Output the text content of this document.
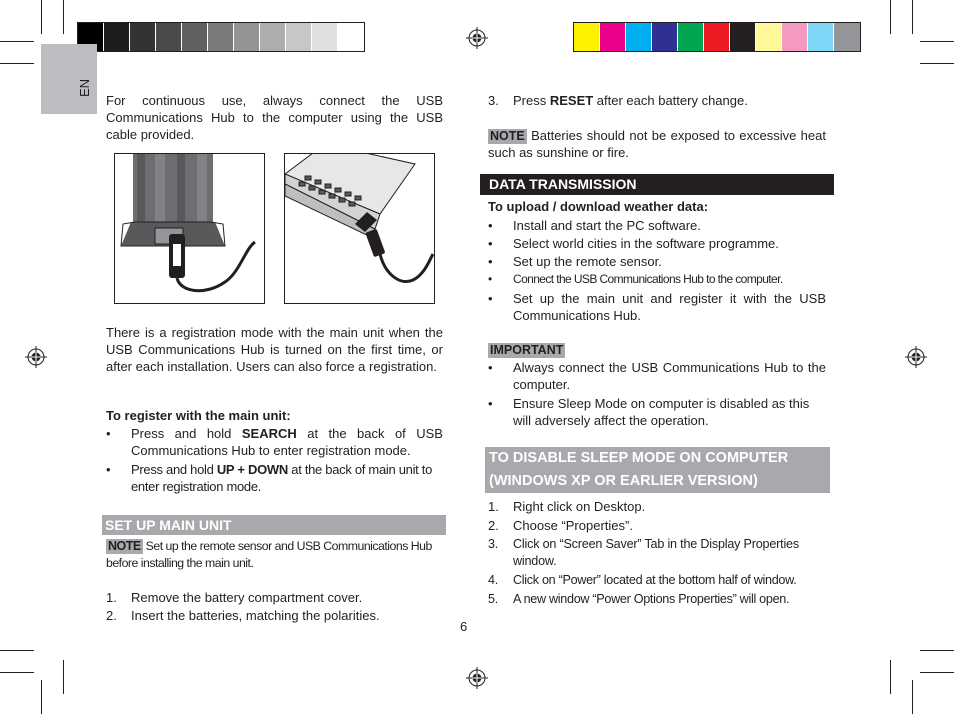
EN
For continuous use, always connect the USB Communications Hub to the computer using the USB cable provided.
There is a registration mode with the main unit when the USB Communications Hub is turned on the first time, or after each installation. Users can also force a registration.
To register with the main unit:

• Press and hold SEARCH at the back of USB Communications Hub to enter registration mode.

• Press and hold UP + DOWN at the back of main unit to enter registration mode.

SET UP MAIN UNIT
NOTE Set up the remote sensor and USB Communications Hub before installing the main unit.

1. Remove the battery compartment cover.

2. Insert the batteries, matching the polarities.

3. Press RESET after each battery change.

NOTE Batteries should not be exposed to excessive heat such as sunshine or fire.
DATA TRANSMISSION
To upload / download weather data:

• Install and start the PC software.

• Select world cities in the software programme.

• Set up the remote sensor.

• Connect the USB Communications Hub to the computer.

• Set up the main unit and register it with the USB Communications Hub.

IMPORTANT

• Always connect the USB Communications Hub to the computer.

• Ensure Sleep Mode on computer is disabled as this will adversely affect the operation.

TO DISABLE SLEEP MODE ON COMPUTER
(WINDOWS XP OR EARLIER VERSION)

1. Right click on Desktop.

2. Choose “Properties”.

3. Click on “Screen Saver” Tab in the Display Properties window.

4. Click on “Power” located at the bottom half of window.

5. A new window “Power Options Properties” will open.

6
